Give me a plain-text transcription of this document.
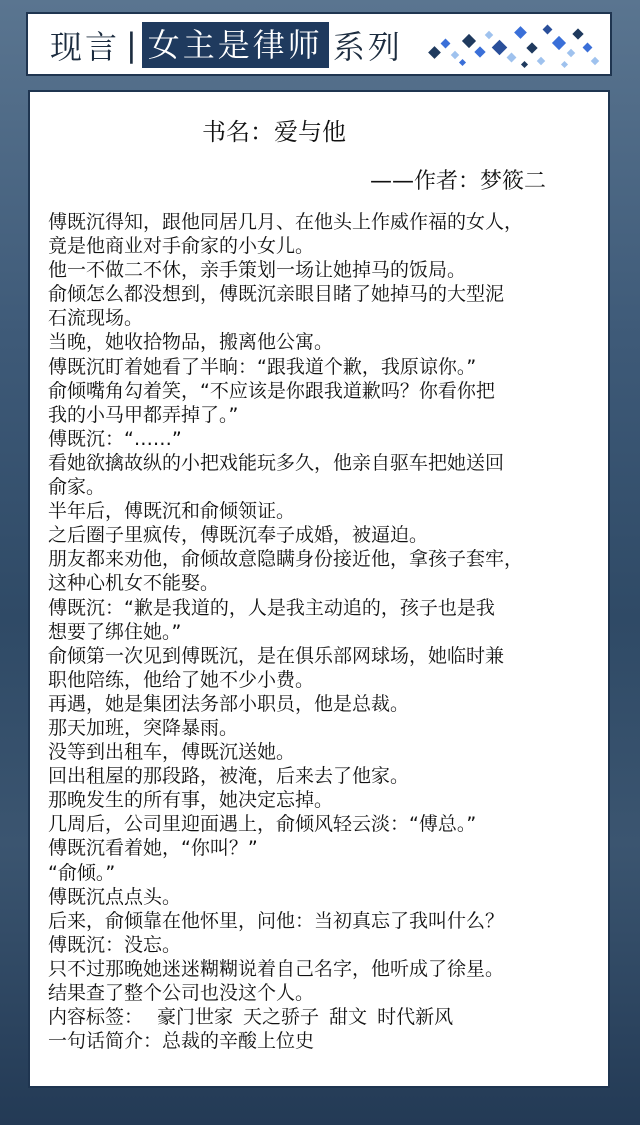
现言 | 女主是律师 系列
书名：爱与他
——作者：梦筱二
傅既沉得知，跟他同居几月、在他头上作威作福的女人，
竟是他商业对手俞家的小女儿。
他一不做二不休，亲手策划一场让她掉马的饭局。
俞倾怎么都没想到，傅既沉亲眼目睹了她掉马的大型泥
石流现场。
当晚，她收拾物品，搬离他公寓。
傅既沉盯着她看了半晌：“跟我道个歉，我原谅你。”
俞倾嘴角勾着笑，“不应该是你跟我道歉吗？你看你把
我的小马甲都弄掉了。”
傅既沉：“……”
看她欲擒故纵的小把戏能玩多久，他亲自驱车把她送回
俞家。
半年后，傅既沉和俞倾领证。
之后圈子里疯传，傅既沉奉子成婚，被逼迫。
朋友都来劝他，俞倾故意隐瞒身份接近他，拿孩子套牢，
这种心机女不能娶。
傅既沉：“歉是我道的，人是我主动追的，孩子也是我
想要了绑住她。”
俞倾第一次见到傅既沉，是在俱乐部网球场，她临时兼
职他陪练，他给了她不少小费。
再遇，她是集团法务部小职员，他是总裁。
那天加班，突降暴雨。
没等到出租车，傅既沉送她。
回出租屋的那段路，被淹，后来去了他家。
那晚发生的所有事，她决定忘掉。
几周后，公司里迎面遇上，俞倾风轻云淡：“傅总。”
傅既沉看着她，“你叫？”
“俞倾。”
傅既沉点点头。
后来，俞倾靠在他怀里，问他：当初真忘了我叫什么？
傅既沉：没忘。
只不过那晚她迷迷糊糊说着自己名字，他听成了徐星。
结果查了整个公司也没这个人。
内容标签： 豪门世家 天之骄子 甜文 时代新风
一句话简介：总裁的辛酸上位史
